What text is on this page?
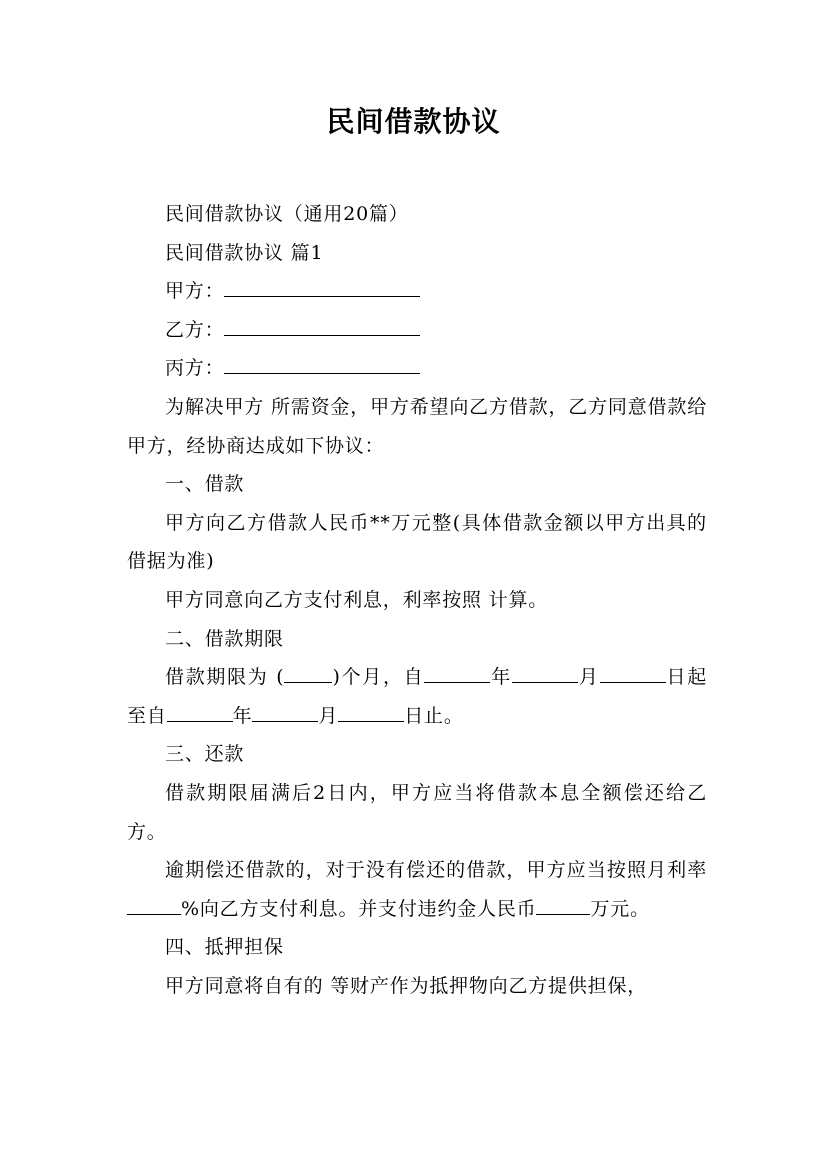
民间借款协议

民间借款协议（通用20篇）

民间借款协议 篇1

甲方：

乙方：

丙方：

为解决甲方 所需资金，甲方希望向乙方借款，乙方同意借款给甲方，经协商达成如下协议：

一、借款

甲方向乙方借款人民币**万元整(具体借款金额以甲方出具的借据为准)

甲方同意向乙方支付利息，利率按照 计算。

二、借款期限

借款期限为 (	)个月，自	年	月	日起至自	年	月	日止。

三、还款

借款期限届满后2日内，甲方应当将借款本息全额偿还给乙方。

逾期偿还借款的，对于没有偿还的借款，甲方应当按照月利率%向乙方支付利息。并支付违约金人民币	万元。

四、抵押担保

甲方同意将自有的 等财产作为抵押物向乙方提供担保，
